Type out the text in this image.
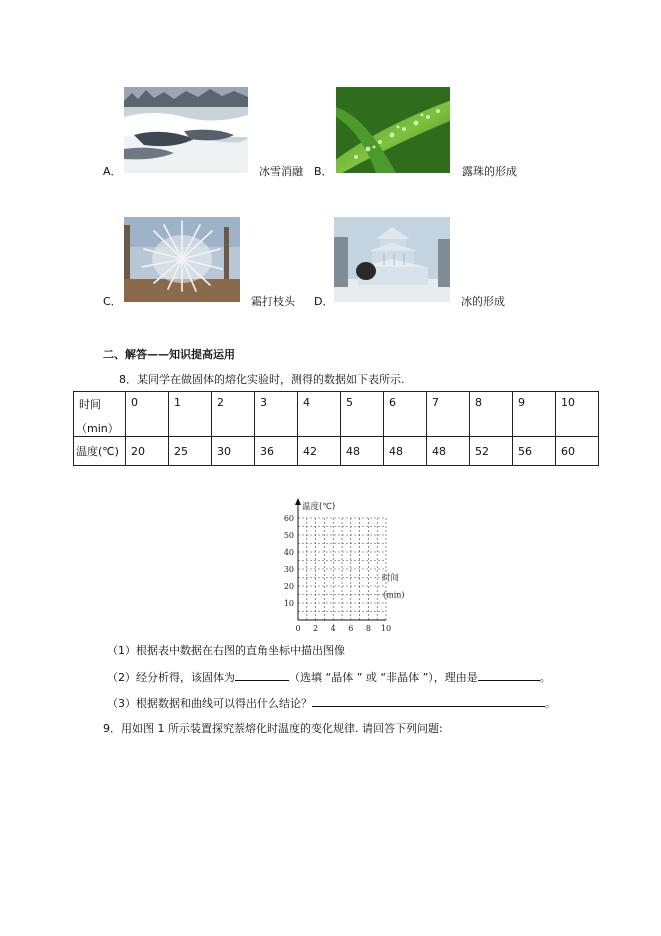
A．	冰雪消融 B．	露珠的形成
C．	霜打枝头 D．	冰的形成
二、解答——知识提高运用
8．某同学在做固体的熔化实验时，测得的数据如下表所示.
时间
（min）	0	1	2	3	4	5	6	7	8	9	10
温度(℃)	20	25	30	36	42	48	48	48	52	56	60
温度(℃)
时间
(min)
10
20
30
40
50
60
2 4 6 8 10
0
（1）根据表中数据在右图的直角坐标中描出图像
（2）经分析得，该固体为	（选填 “晶体 ” 或 “非晶体 ”），理由是	。
（3）根据数据和曲线可以得出什么结论？	。
9．用如图 1 所示装置探究萘熔化时温度的变化规律. 请回答下列问题:
